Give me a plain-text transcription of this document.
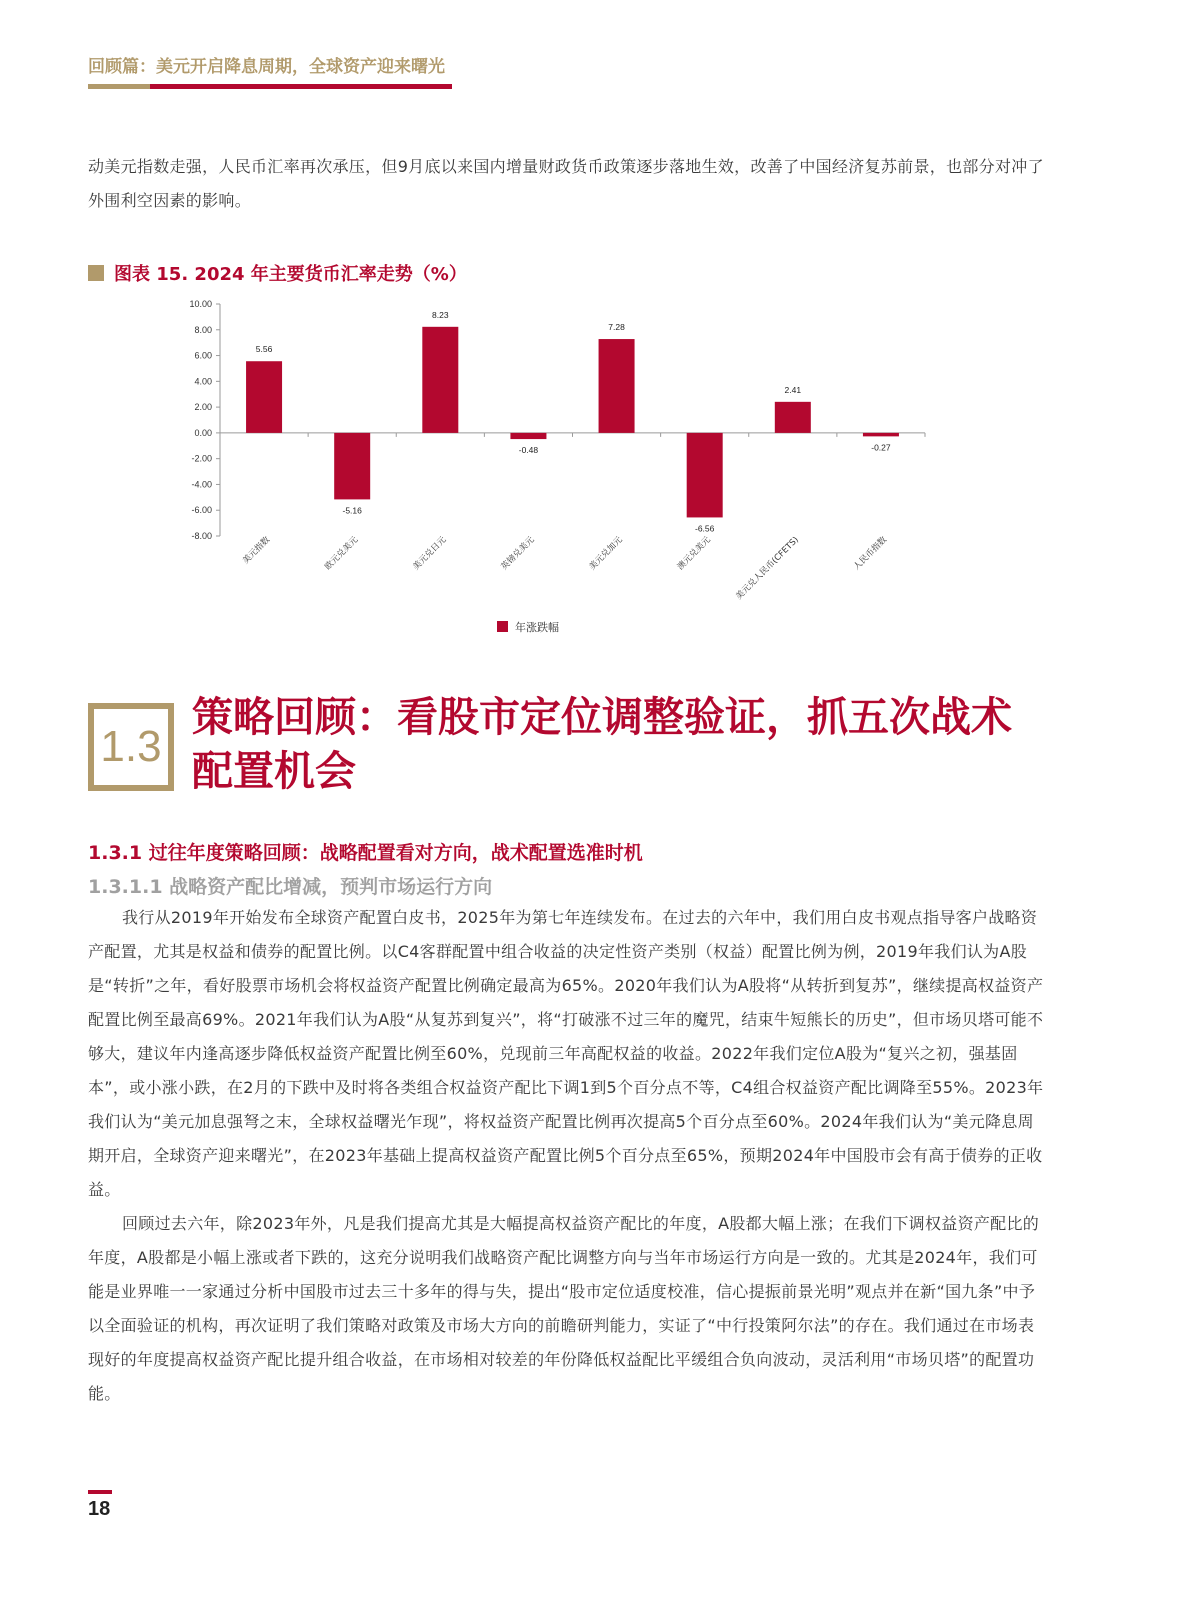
回顾篇：美元开启降息周期，全球资产迎来曙光

动美元指数走强，人民币汇率再次承压，但9月底以来国内增量财政货币政策逐步落地生效，改善了中国经济复苏前景，也部分对冲了外围利空因素的影响。

图表 15. 2024 年主要货币汇率走势（%）
10.00
8.00
6.00
4.00
2.00
0.00
-2.00
-4.00
-6.00
-8.00
5.56
美元指数
-5.16
欧元兑美元
8.23
美元兑日元
-0.48
英镑兑美元
7.28
美元兑加元
-6.56
澳元兑美元
2.41
美元兑人民币(CFETS)
-0.27
人民币指数
年涨跌幅
1.3
策略回顾：看股市定位调整验证，抓五次战术配置机会
1.3.1 过往年度策略回顾：战略配置看对方向，战术配置选准时机
1.3.1.1 战略资产配比增减，预判市场运行方向

我行从2019年开始发布全球资产配置白皮书，2025年为第七年连续发布。在过去的六年中，我们用白皮书观点指导客户战略资产配置，尤其是权益和债券的配置比例。以C4客群配置中组合收益的决定性资产类别（权益）配置比例为例，2019年我们认为A股是“转折”之年，看好股票市场机会将权益资产配置比例确定最高为65%。2020年我们认为A股将“从转折到复苏”，继续提高权益资产配置比例至最高69%。2021年我们认为A股“从复苏到复兴”，将“打破涨不过三年的魔咒，结束牛短熊长的历史”，但市场贝塔可能不够大，建议年内逢高逐步降低权益资产配置比例至60%，兑现前三年高配权益的收益。2022年我们定位A股为“复兴之初，强基固本”，或小涨小跌，在2月的下跌中及时将各类组合权益资产配比下调1到5个百分点不等，C4组合权益资产配比调降至55%。2023年我们认为“美元加息强弩之末，全球权益曙光乍现”，将权益资产配置比例再次提高5个百分点至60%。2024年我们认为“美元降息周期开启，全球资产迎来曙光”，在2023年基础上提高权益资产配置比例5个百分点至65%，预期2024年中国股市会有高于债券的正收益。

回顾过去六年，除2023年外，凡是我们提高尤其是大幅提高权益资产配比的年度，A股都大幅上涨；在我们下调权益资产配比的年度，A股都是小幅上涨或者下跌的，这充分说明我们战略资产配比调整方向与当年市场运行方向是一致的。尤其是2024年，我们可能是业界唯一一家通过分析中国股市过去三十多年的得与失，提出“股市定位适度校准，信心提振前景光明”观点并在新“国九条”中予以全面验证的机构，再次证明了我们策略对政策及市场大方向的前瞻研判能力，实证了“中行投策阿尔法”的存在。我们通过在市场表现好的年度提高权益资产配比提升组合收益，在市场相对较差的年份降低权益配比平缓组合负向波动，灵活利用“市场贝塔”的配置功能。

18
